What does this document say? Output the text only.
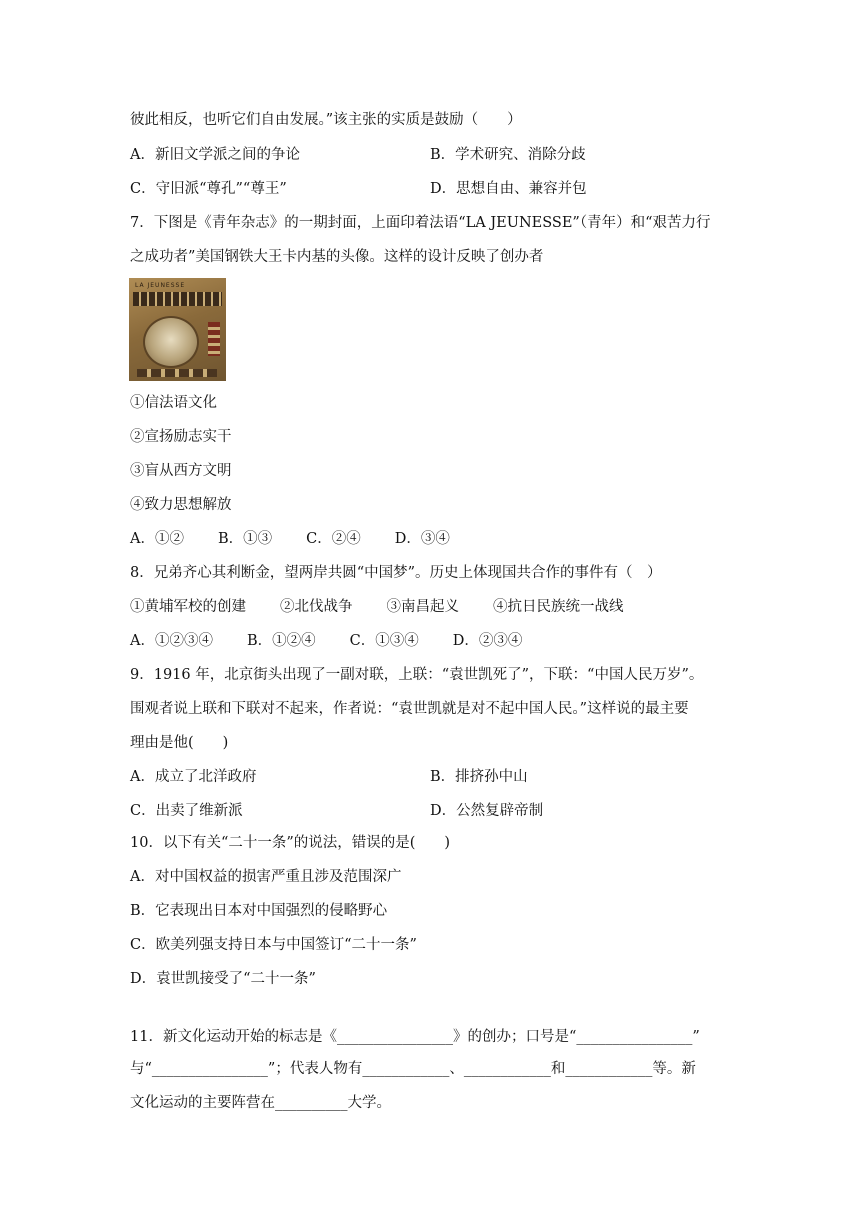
彼此相反，也听它们自由发展。”该主张的实质是鼓励（　　）
A．新旧文学派之间的争论	B．学术研究、消除分歧
C．守旧派“尊孔”“尊王”	D．思想自由、兼容并包
7．下图是《青年杂志》的一期封面，上面印着法语“LA JEUNESSE”（青年）和“艰苦力行
之成功者”美国钢铁大王卡内基的头像。这样的设计反映了创办者
LA JEUNESSE
①信法语文化
②宣扬励志实干
③盲从西方文明
④致力思想解放
A．①② B．①③ C．②④ D．③④
8．兄弟齐心其利断金，望两岸共圆“中国梦”。历史上体现国共合作的事件有（　）
①黄埔军校的创建 ②北伐战争 ③南昌起义 ④抗日民族统一战线
A．①②③④ B．①②④ C．①③④ D．②③④
9．1916 年，北京街头出现了一副对联，上联：“袁世凯死了”，下联：“中国人民万岁”。
围观者说上联和下联对不起来，作者说：“袁世凯就是对不起中国人民。”这样说的最主要
理由是他(　　)
A．成立了北洋政府	B．排挤孙中山
C．出卖了维新派	D．公然复辟帝制
10．以下有关“二十一条”的说法，错误的是(　　)
A．对中国权益的损害严重且涉及范围深广
B．它表现出日本对中国强烈的侵略野心
C．欧美列强支持日本与中国签订“二十一条”
D．袁世凯接受了“二十一条”
11．新文化运动开始的标志是《________________》的创办；口号是“________________”
与“________________”；代表人物有____________、____________和____________等。新
文化运动的主要阵营在__________大学。
